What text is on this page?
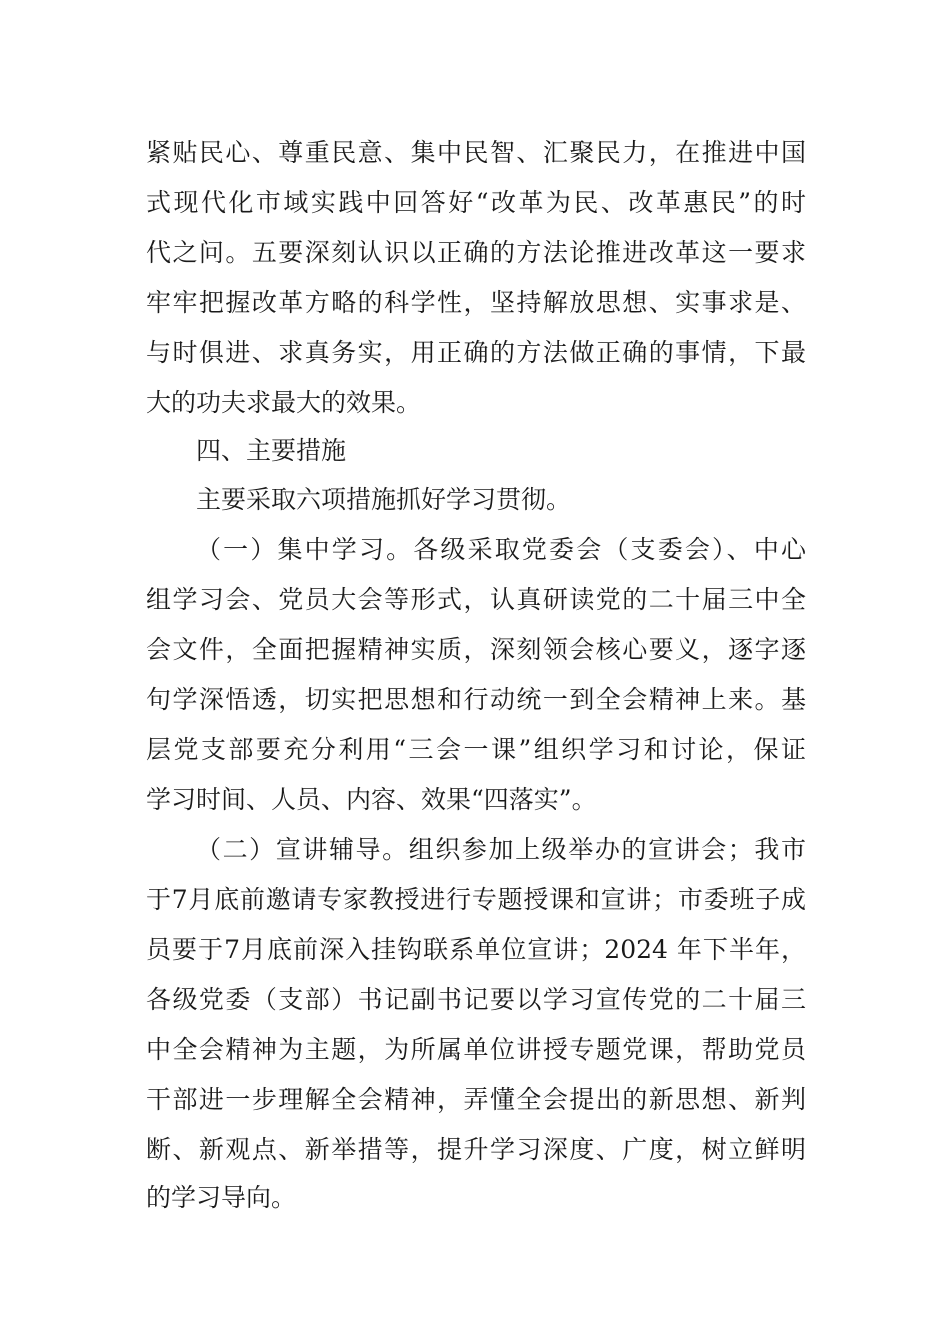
紧贴民心、尊重民意、集中民智、汇聚民力，在推进中国
式现代化市域实践中回答好“改革为民、改革惠民”的时
代之问。五要深刻认识以正确的方法论推进改革这一要求
牢牢把握改革方略的科学性，坚持解放思想、实事求是、
与时俱进、求真务实，用正确的方法做正确的事情，下最
大的功夫求最大的效果。
四、主要措施
主要采取六项措施抓好学习贯彻。
（一）集中学习。各级采取党委会（支委会）、中心
组学习会、党员大会等形式，认真研读党的二十届三中全
会文件，全面把握精神实质，深刻领会核心要义，逐字逐
句学深悟透，切实把思想和行动统一到全会精神上来。基
层党支部要充分利用“三会一课”组织学习和讨论，保证
学习时间、人员、内容、效果“四落实”。
（二）宣讲辅导。组织参加上级举办的宣讲会；我市
于7月底前邀请专家教授进行专题授课和宣讲；市委班子成
员要于7月底前深入挂钩联系单位宣讲；2024 年下半年，
各级党委（支部）书记副书记要以学习宣传党的二十届三
中全会精神为主题，为所属单位讲授专题党课，帮助党员
干部进一步理解全会精神，弄懂全会提出的新思想、新判
断、新观点、新举措等，提升学习深度、广度，树立鲜明
的学习导向。
